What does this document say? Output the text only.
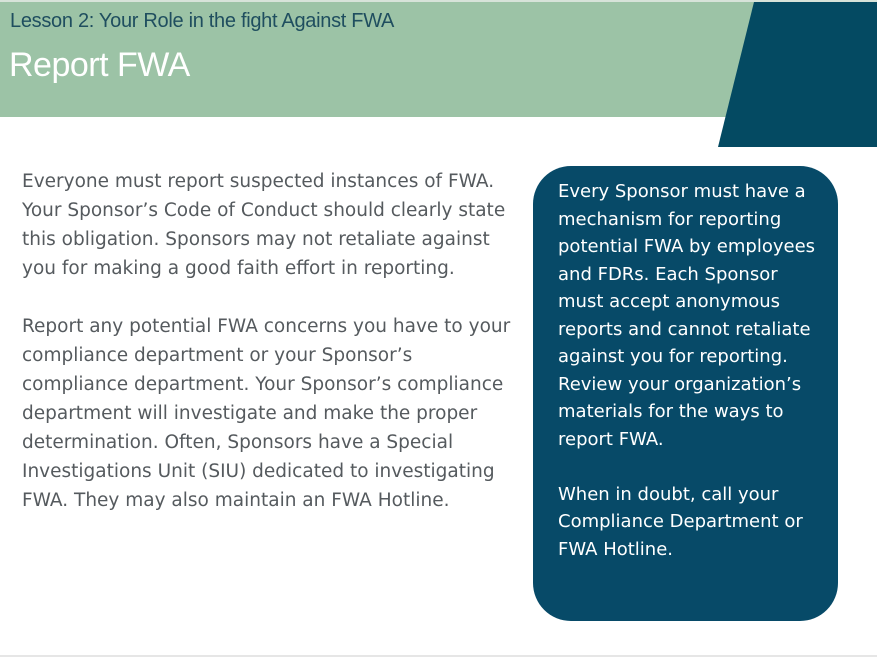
Lesson 2: Your Role in the fight Against FWA
Report FWA

Everyone must report suspected instances of FWA. Your Sponsor’s Code of Conduct should clearly state this obligation. Sponsors may not retaliate against you for making a good faith effort in reporting.

Report any potential FWA concerns you have to your compliance department or your Sponsor’s compliance department. Your Sponsor’s compliance department will investigate and make the proper determination. Often, Sponsors have a Special Investigations Unit (SIU) dedicated to investigating FWA. They may also maintain an FWA Hotline.

Every Sponsor must have a mechanism for reporting potential FWA by employees and FDRs. Each Sponsor must accept anonymous reports and cannot retaliate against you for reporting. Review your organization’s materials for the ways to report FWA.

When in doubt, call your Compliance Department or FWA Hotline.
